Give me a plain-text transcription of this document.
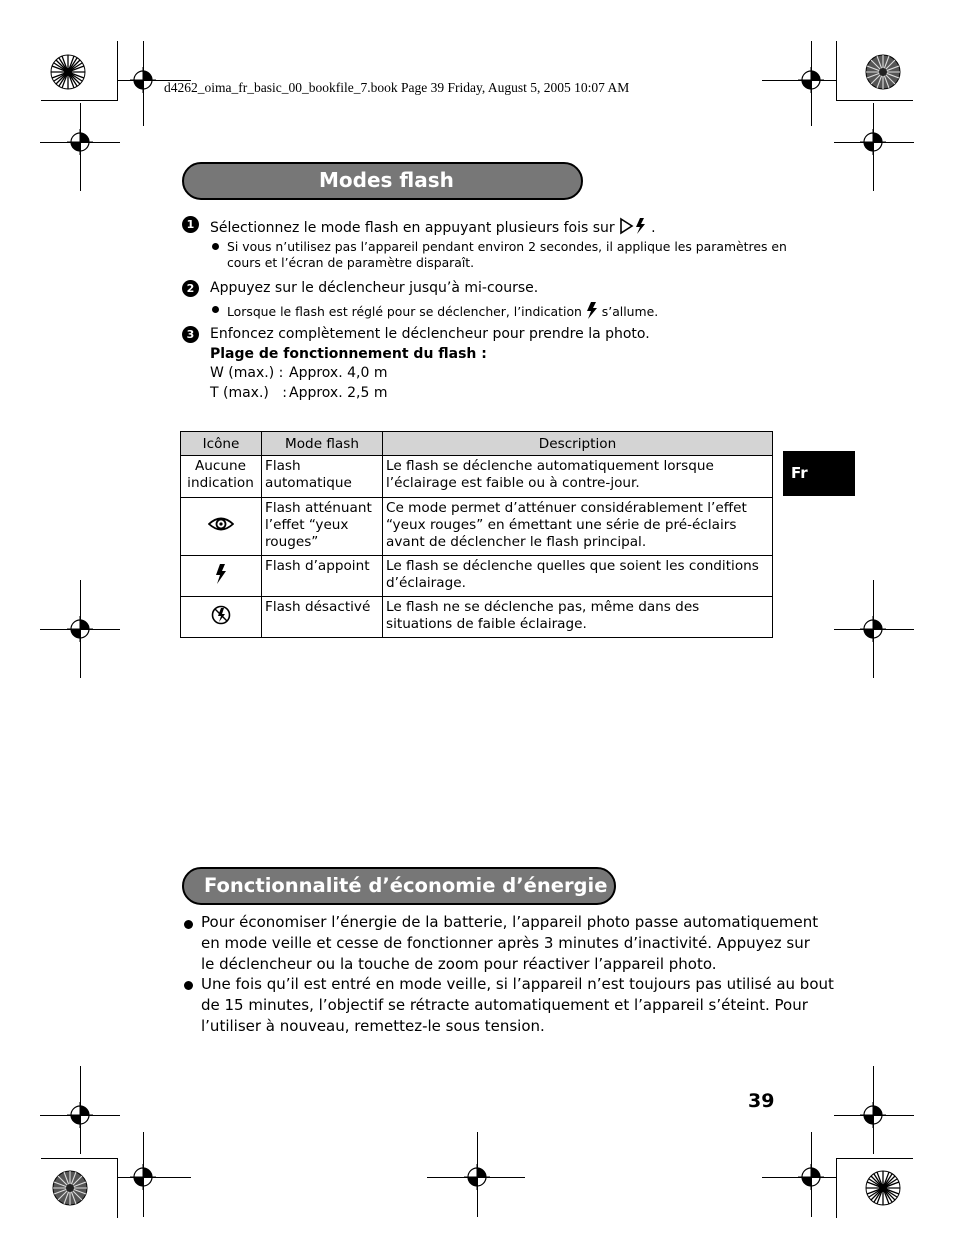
d4262_oima_fr_basic_00_bookfile_7.book Page 39 Friday, August 5, 2005 10:07 AM
Modes flash
1	Sélectionnez le mode flash en appuyant plusieurs fois sur	.
Si vous n’utilisez pas l’appareil pendant environ 2 secondes, il applique les paramètres en
cours et l’écran de paramètre disparaît.
2	Appuyez sur le déclencheur jusqu’à mi-course.
Lorsque le flash est réglé pour se déclencher, l’indication s’allume.
3	Enfoncez complètement le déclencheur pour prendre la photo.
Plage de fonctionnement du flash :
W (max.) : Approx. 4,0 m
T (max.)   : Approx. 2,5 m
Icône	Mode flash	Description
Aucune indication	Flash automatique	Le flash se déclenche automatiquement lorsque l’éclairage est faible ou à contre-jour.
	Flash atténuant l’effet “yeux rouges”	Ce mode permet d’atténuer considérablement l’effet “yeux rouges” en émettant une série de pré-éclairs avant de déclencher le flash principal.
	Flash d’appoint	Le flash se déclenche quelles que soient les conditions d’éclairage.
	Flash désactivé	Le flash ne se déclenche pas, même dans des situations de faible éclairage.
Fr
Fonctionnalité d’économie d’énergie
Pour économiser l’énergie de la batterie, l’appareil photo passe automatiquement
en mode veille et cesse de fonctionner après 3 minutes d’inactivité. Appuyez sur
le déclencheur ou la touche de zoom pour réactiver l’appareil photo.
Une fois qu’il est entré en mode veille, si l’appareil n’est toujours pas utilisé au bout
de 15 minutes, l’objectif se rétracte automatiquement et l’appareil s’éteint. Pour
l’utiliser à nouveau, remettez-le sous tension.
39
